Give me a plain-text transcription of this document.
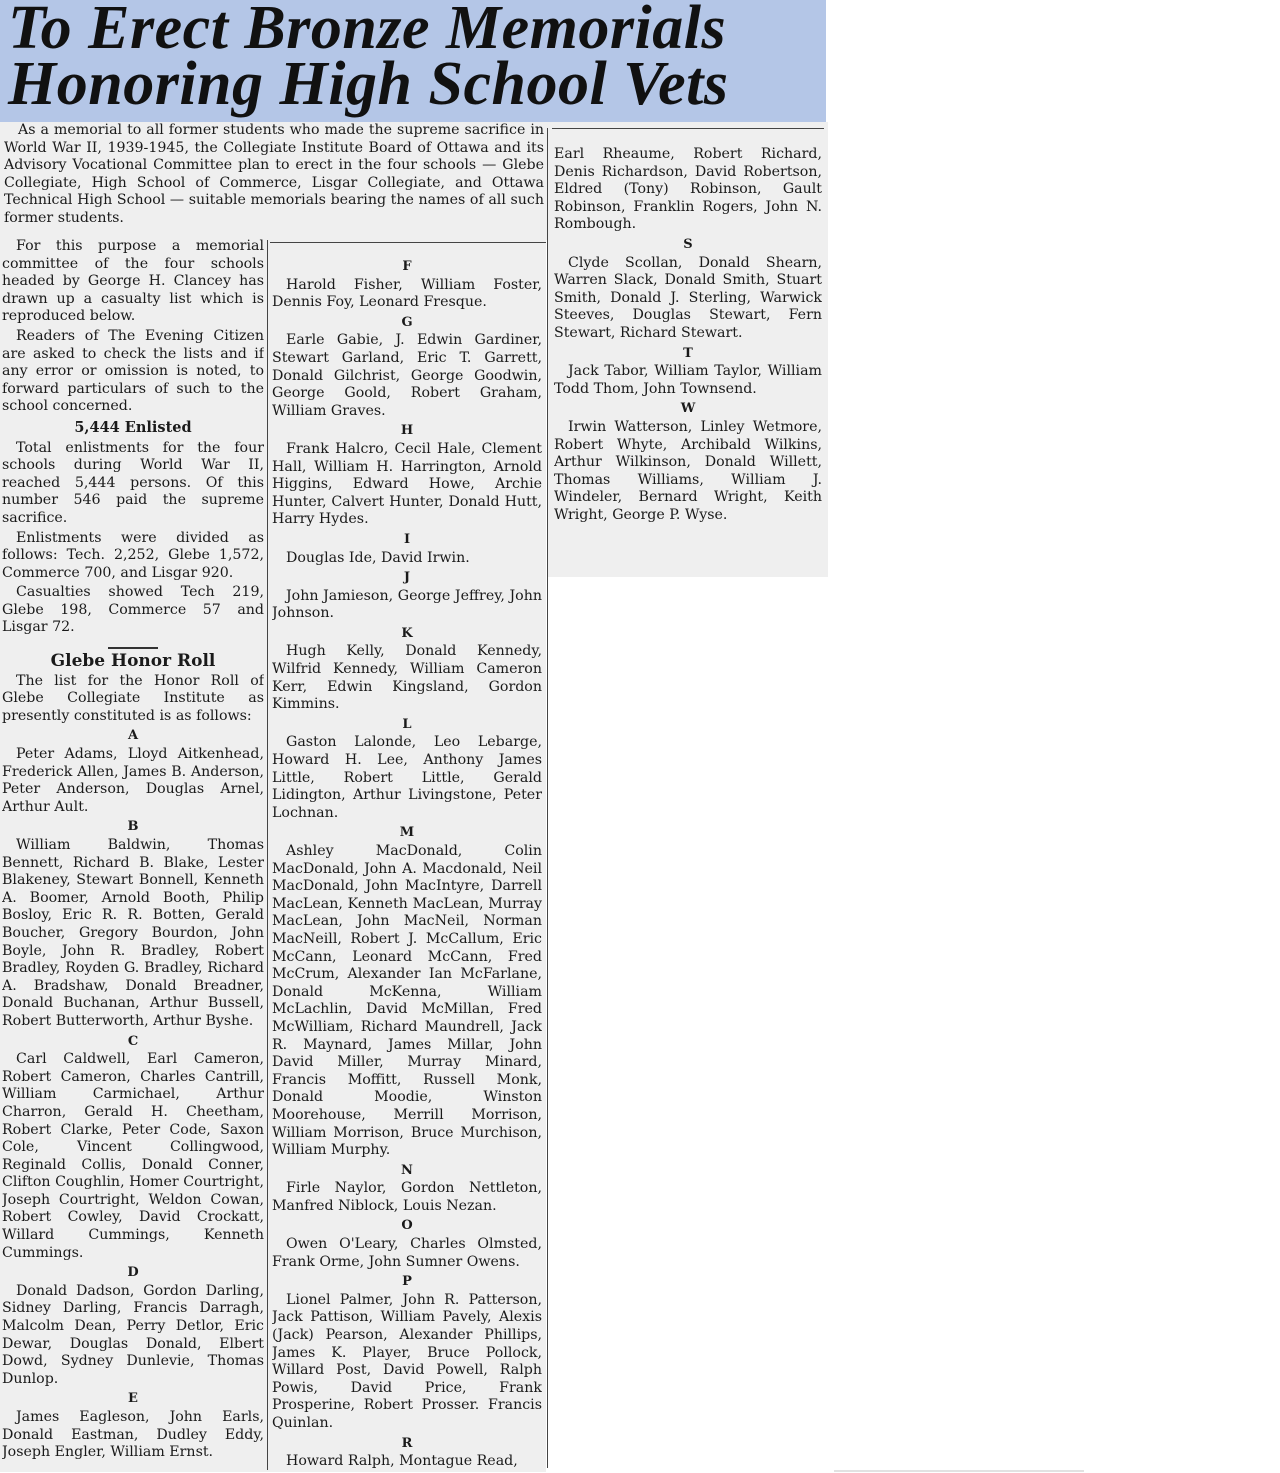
To Erect Bronze Memorials
Honoring High School Vets

As a memorial to all former students who made the supreme sacrifice in World War II, 1939-1945, the Collegiate Institute Board of Ottawa and its Advisory Vocational Committee plan to erect in the four schools — Glebe Collegiate, High School of Commerce, Lisgar Collegiate, and Ottawa Technical High School — suitable memorials bearing the names of all such former students.

For this purpose a memorial committee of the four schools headed by George H. Clancey has drawn up a casualty list which is reproduced below.

Readers of The Evening Citizen are asked to check the lists and if any error or omission is noted, to forward particulars of such to the school concerned.

5,444 Enlisted

Total enlistments for the four schools during World War II, reached 5,444 persons. Of this number 546 paid the supreme sacrifice.

Enlistments were divided as follows: Tech. 2,252, Glebe 1,572, Commerce 700, and Lisgar 920.

Casualties showed Tech 219, Glebe 198, Commerce 57 and Lisgar 72.

Glebe Honor Roll

The list for the Honor Roll of Glebe Collegiate Institute as presently constituted is as follows:

A

Peter Adams, Lloyd Aitkenhead, Frederick Allen, James B. Anderson, Peter Anderson, Douglas Arnel, Arthur Ault.

B

William Baldwin, Thomas Bennett, Richard B. Blake, Lester Blakeney, Stewart Bonnell, Kenneth A. Boomer, Arnold Booth, Philip Bosloy, Eric R. R. Botten, Gerald Boucher, Gregory Bourdon, John Boyle, John R. Bradley, Robert Bradley, Royden G. Bradley, Richard A. Bradshaw, Donald Breadner, Donald Buchanan, Arthur Bussell, Robert Butterworth, Arthur Byshe.

C

Carl Caldwell, Earl Cameron, Robert Cameron, Charles Cantrill, William Carmichael, Arthur Charron, Gerald H. Cheetham, Robert Clarke, Peter Code, Saxon Cole, Vincent Collingwood, Reginald Collis, Donald Conner, Clifton Coughlin, Homer Courtright, Joseph Courtright, Weldon Cowan, Robert Cowley, David Crockatt, Willard Cummings, Kenneth Cummings.

D

Donald Dadson, Gordon Darling, Sidney Darling, Francis Darragh, Malcolm Dean, Perry Detlor, Eric Dewar, Douglas Donald, Elbert Dowd, Sydney Dunlevie, Thomas Dunlop.

E

James Eagleson, John Earls, Donald Eastman, Dudley Eddy, Joseph Engler, William Ernst.

F

Harold Fisher, William Foster, Dennis Foy, Leonard Fresque.

G

Earle Gabie, J. Edwin Gardiner, Stewart Garland, Eric T. Garrett, Donald Gilchrist, George Goodwin, George Goold, Robert Graham, William Graves.

H

Frank Halcro, Cecil Hale, Clement Hall, William H. Harrington, Arnold Higgins, Edward Howe, Archie Hunter, Calvert Hunter, Donald Hutt, Harry Hydes.

I

Douglas Ide, David Irwin.

J

John Jamieson, George Jeffrey, John Johnson.

K

Hugh Kelly, Donald Kennedy, Wilfrid Kennedy, William Cameron Kerr, Edwin Kingsland, Gordon Kimmins.

L

Gaston Lalonde, Leo Lebarge, Howard H. Lee, Anthony James Little, Robert Little, Gerald Lidington, Arthur Livingstone, Peter Lochnan.

M

Ashley MacDonald, Colin MacDonald, John A. Macdonald, Neil MacDonald, John MacIntyre, Darrell MacLean, Kenneth MacLean, Murray MacLean, John MacNeil, Norman MacNeill, Robert J. McCallum, Eric McCann, Leonard McCann, Fred McCrum, Alexander Ian McFarlane, Donald McKenna, William McLachlin, David McMillan, Fred McWilliam, Richard Maundrell, Jack R. Maynard, James Millar, John David Miller, Murray Minard, Francis Moffitt, Russell Monk, Donald Moodie, Winston Moorehouse, Merrill Morrison, William Morrison, Bruce Murchison, William Murphy.

N

Firle Naylor, Gordon Nettleton, Manfred Niblock, Louis Nezan.

O

Owen O'Leary, Charles Olmsted, Frank Orme, John Sumner Owens.

P

Lionel Palmer, John R. Patterson, Jack Pattison, William Pavely, Alexis (Jack) Pearson, Alexander Phillips, James K. Player, Bruce Pollock, Willard Post, David Powell, Ralph Powis, David Price, Frank Prosperine, Robert Prosser. Francis Quinlan.

R

Howard Ralph, Montague Read,

Earl Rheaume, Robert Richard, Denis Richardson, David Robertson, Eldred (Tony) Robinson, Gault Robinson, Franklin Rogers, John N. Rombough.

S

Clyde Scollan, Donald Shearn, Warren Slack, Donald Smith, Stuart Smith, Donald J. Sterling, Warwick Steeves, Douglas Stewart, Fern Stewart, Richard Stewart.

T

Jack Tabor, William Taylor, William Todd Thom, John Townsend.

W

Irwin Watterson, Linley Wetmore, Robert Whyte, Archibald Wilkins, Arthur Wilkinson, Donald Willett, Thomas Williams, William J. Windeler, Bernard Wright, Keith Wright, George P. Wyse.
